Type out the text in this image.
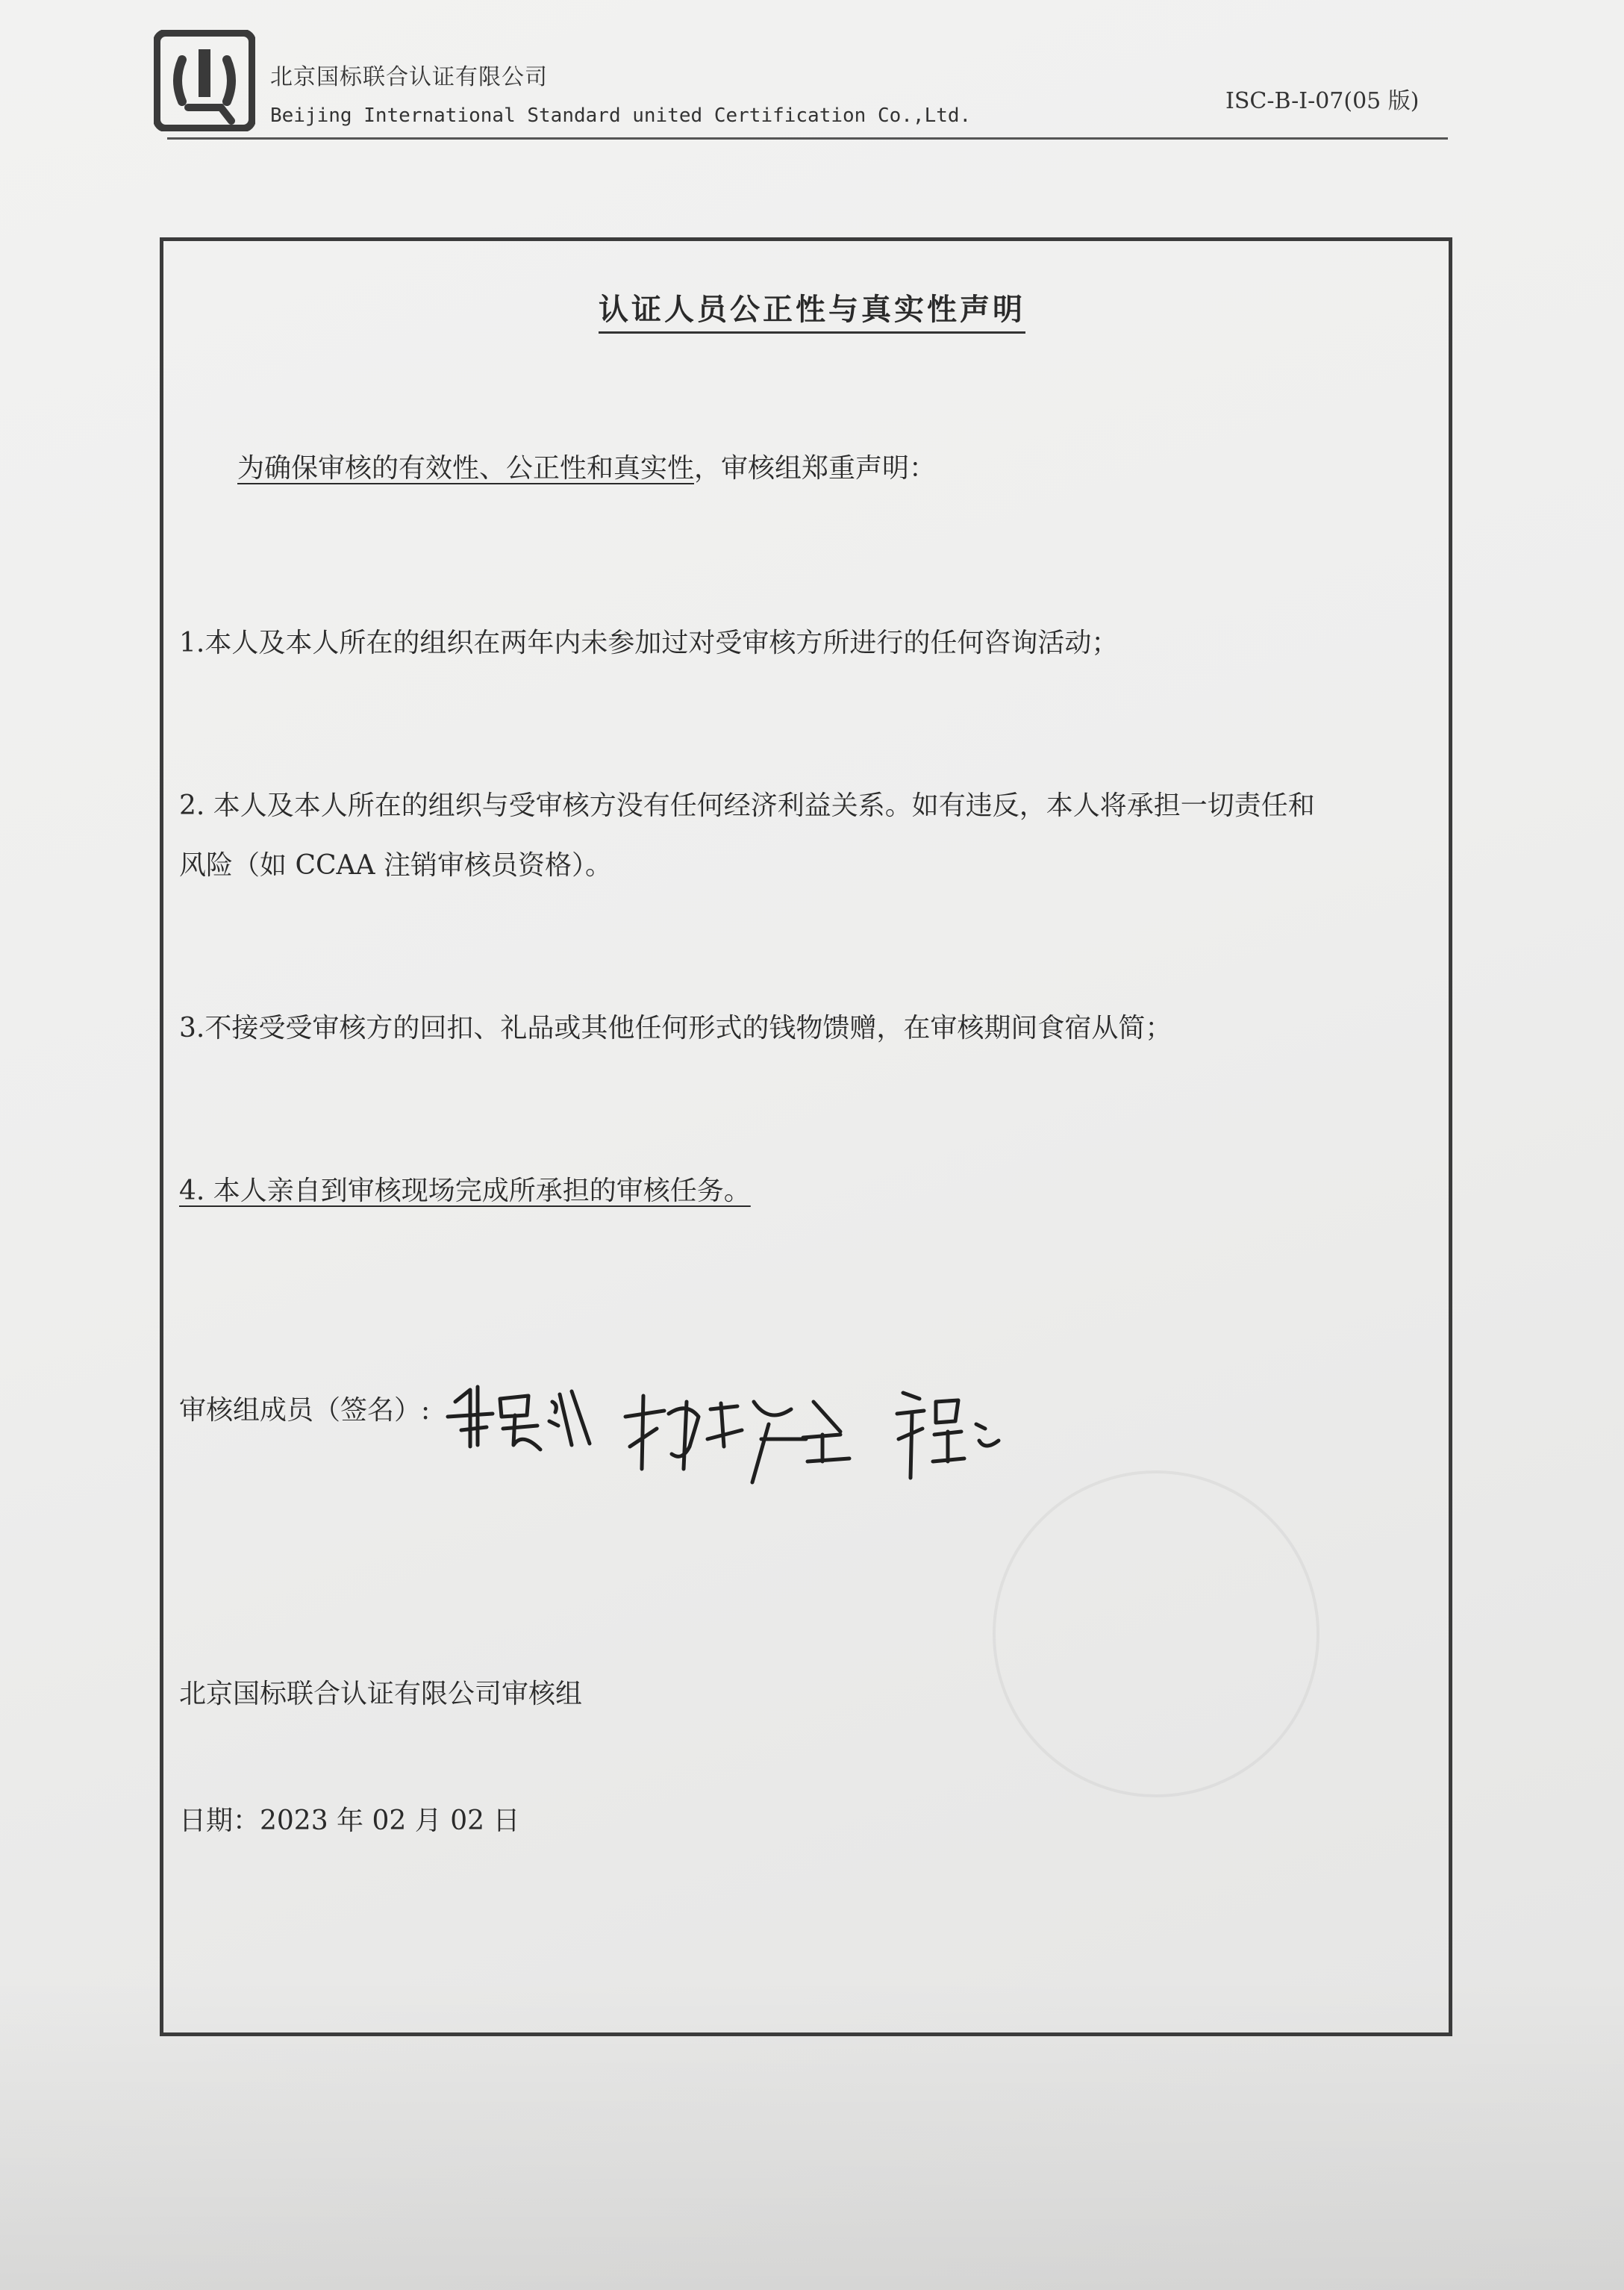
北京国标联合认证有限公司
Beijing International Standard united Certification Co.,Ltd.
ISC-B-I-07(05 版)
认证人员公正性与真实性声明
为确保审核的有效性、公正性和真实性，审核组郑重声明：
1.本人及本人所在的组织在两年内未参加过对受审核方所进行的任何咨询活动；
2. 本人及本人所在的组织与受审核方没有任何经济利益关系。如有违反，本人将承担一切责任和
风险（如 CCAA 注销审核员资格）。
3.不接受受审核方的回扣、礼品或其他任何形式的钱物馈赠，在审核期间食宿从简；
4. 本人亲自到审核现场完成所承担的审核任务。
审核组成员（签名）:
北京国标联合认证有限公司审核组
日期：2023 年 02 月 02 日
